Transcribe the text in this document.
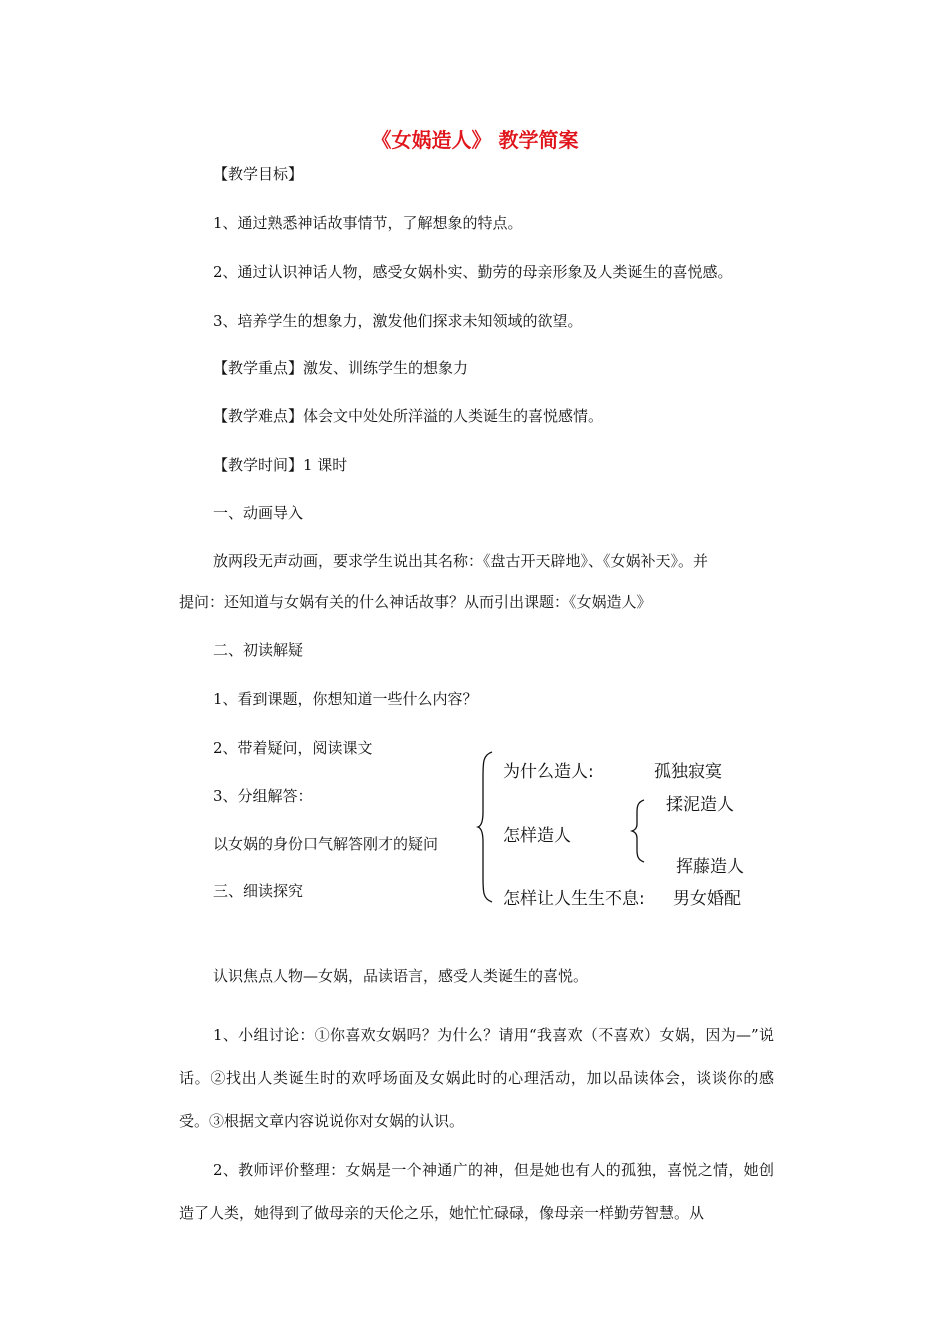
《女娲造人》 教学简案
【教学目标】
1、通过熟悉神话故事情节，了解想象的特点。
2、通过认识神话人物，感受女娲朴实、勤劳的母亲形象及人类诞生的喜悦感。
3、培养学生的想象力，激发他们探求未知领域的欲望。
【教学重点】激发、训练学生的想象力
【教学难点】体会文中处处所洋溢的人类诞生的喜悦感情。
【教学时间】1 课时
一、动画导入
放两段无声动画，要求学生说出其名称：《盘古开天辟地》、《女娲补天》。并
提问：还知道与女娲有关的什么神话故事？从而引出课题：《女娲造人》
二、初读解疑
1、看到课题，你想知道一些什么内容？
2、带着疑问，阅读课文
3、分组解答：
以女娲的身份口气解答刚才的疑问
三、细读探究
为什么造人:	孤独寂寞
怎样造人
揉泥造人
挥藤造人
怎样让人生生不息: 男女婚配
认识焦点人物—女娲，品读语言，感受人类诞生的喜悦。
1、小组讨论：①你喜欢女娲吗？为什么？请用“我喜欢（不喜欢）女娲，因为—”说话。②找出人类诞生时的欢呼场面及女娲此时的心理活动，加以品读体会，谈谈你的感受。③根据文章内容说说你对女娲的认识。
2、教师评价整理：女娲是一个神通广的神，但是她也有人的孤独，喜悦之情，她创造了人类，她得到了做母亲的天伦之乐，她忙忙碌碌，像母亲一样勤劳智慧。从
